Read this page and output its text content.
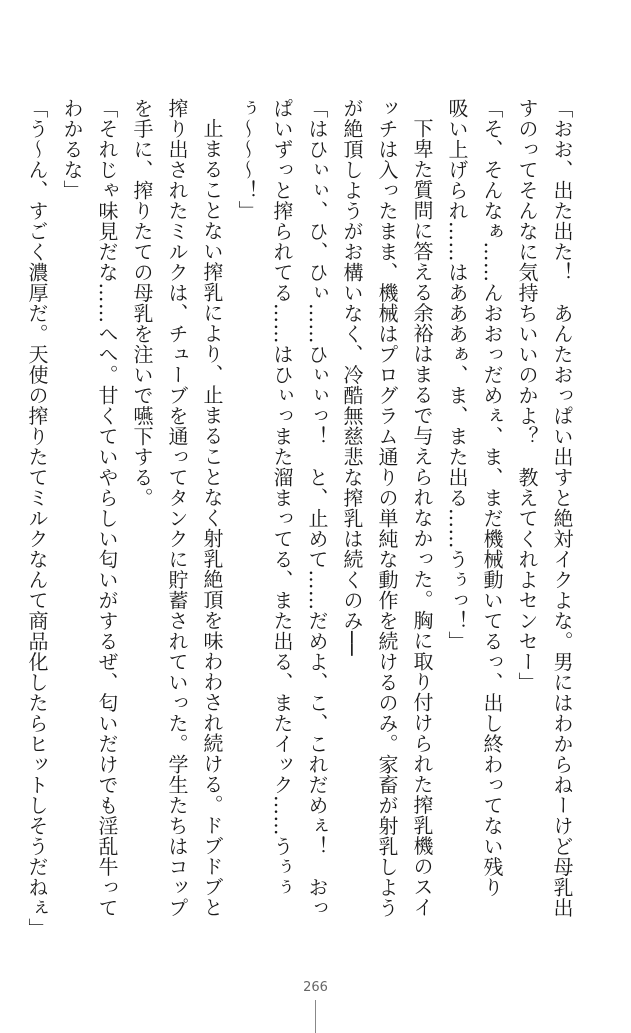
「おお、出た出た！　あんたおっぱい出すと絶対イクよな。男にはわからねーけど母乳出
すのってそんなに気持ちいいのかよ？　教えてくれよセンセー」
「そ、そんなぁ……んおおっだめぇ、ま、まだ機械動いてるっ、出し終わってない残り
吸い上げられ……はあああぁ、ま、また出る……うぅっ！」
下卑た質問に答える余裕はまるで与えられなかった。胸に取り付けられた搾乳機のスイ
ッチは入ったまま、機械はプログラム通りの単純な動作を続けるのみ。家畜が射乳しよう
が絶頂しようがお構いなく、冷酷無慈悲な搾乳は続くのみ──
「はひぃぃ、ひ、ひぃ……ひぃぃっ！　と、止めて……だめよ、こ、これだめぇ！　おっ
ぱいずっと搾られてる……はひぃっまた溜まってる、また出る、またイック……うぅぅ
ぅ～～～！」
止まることない搾乳により、止まることなく射乳絶頂を味わわされ続ける。ドブドブと
搾り出されたミルクは、チューブを通ってタンクに貯蓄されていった。学生たちはコップ
を手に、搾りたての母乳を注いで嚥下する。
「それじゃ味見だな……へへ。甘くていやらしい匂いがするぜ、匂いだけでも淫乱牛って
わかるな」
「う～ん、すごく濃厚だ。天使の搾りたてミルクなんて商品化したらヒットしそうだねぇ」
266
